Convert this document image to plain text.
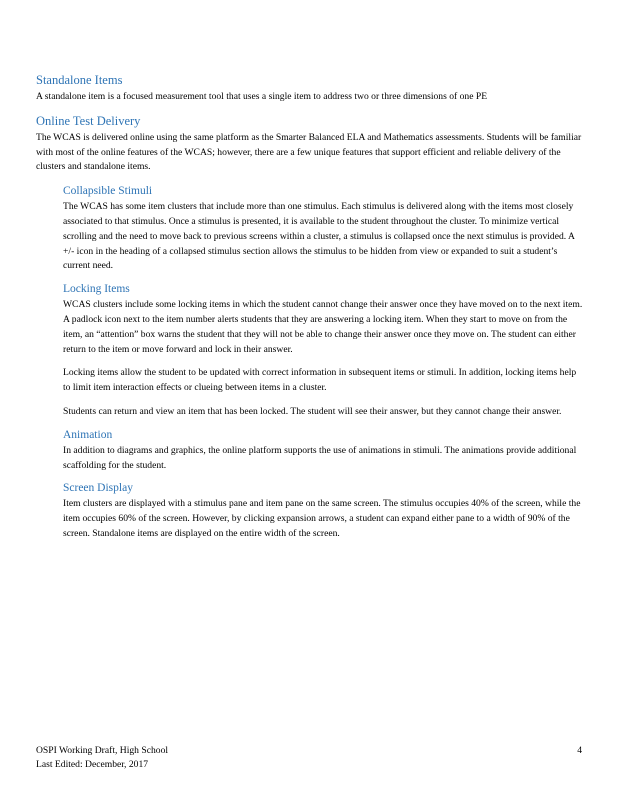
Standalone Items

A standalone item is a focused measurement tool that uses a single item to address two or three dimensions of one PE

Online Test Delivery

The WCAS is delivered online using the same platform as the Smarter Balanced ELA and Mathematics assessments. Students will be familiar with most of the online features of the WCAS; however, there are a few unique features that support efficient and reliable delivery of the clusters and standalone items.

Collapsible Stimuli

The WCAS has some item clusters that include more than one stimulus. Each stimulus is delivered along with the items most closely associated to that stimulus. Once a stimulus is presented, it is available to the student throughout the cluster. To minimize vertical scrolling and the need to move back to previous screens within a cluster, a stimulus is collapsed once the next stimulus is provided. A +/- icon in the heading of a collapsed stimulus section allows the stimulus to be hidden from view or expanded to suit a student’s current need.

Locking Items

WCAS clusters include some locking items in which the student cannot change their answer once they have moved on to the next item. A padlock icon next to the item number alerts students that they are answering a locking item. When they start to move on from the item, an “attention” box warns the student that they will not be able to change their answer once they move on. The student can either return to the item or move forward and lock in their answer.

Locking items allow the student to be updated with correct information in subsequent items or stimuli. In addition, locking items help to limit item interaction effects or clueing between items in a cluster.

Students can return and view an item that has been locked. The student will see their answer, but they cannot change their answer.

Animation

In addition to diagrams and graphics, the online platform supports the use of animations in stimuli. The animations provide additional scaffolding for the student.

Screen Display

Item clusters are displayed with a stimulus pane and item pane on the same screen. The stimulus occupies 40% of the screen, while the item occupies 60% of the screen. However, by clicking expansion arrows, a student can expand either pane to a width of 90% of the screen. Standalone items are displayed on the entire width of the screen.

OSPI Working Draft, High School
Last Edited: December, 2017
4
